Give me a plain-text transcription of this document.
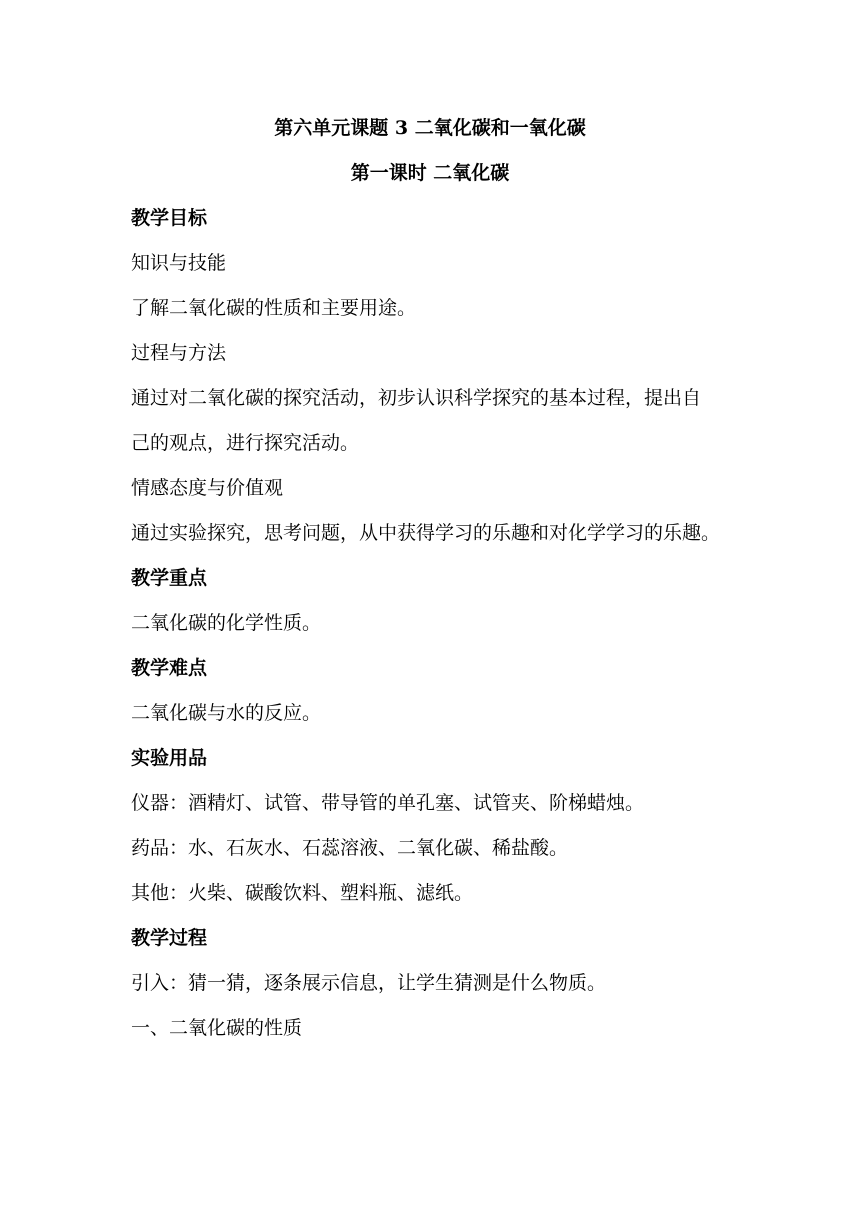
第六单元课题 3 二氧化碳和一氧化碳
第一课时 二氧化碳
教学目标
知识与技能
了解二氧化碳的性质和主要用途。
过程与方法
通过对二氧化碳的探究活动，初步认识科学探究的基本过程，提出自
己的观点，进行探究活动。
情感态度与价值观
通过实验探究，思考问题，从中获得学习的乐趣和对化学学习的乐趣。
教学重点
二氧化碳的化学性质。
教学难点
二氧化碳与水的反应。
实验用品
仪器：酒精灯、试管、带导管的单孔塞、试管夹、阶梯蜡烛。
药品：水、石灰水、石蕊溶液、二氧化碳、稀盐酸。
其他：火柴、碳酸饮料、塑料瓶、滤纸。
教学过程
引入：猜一猜，逐条展示信息，让学生猜测是什么物质。
一、二氧化碳的性质
